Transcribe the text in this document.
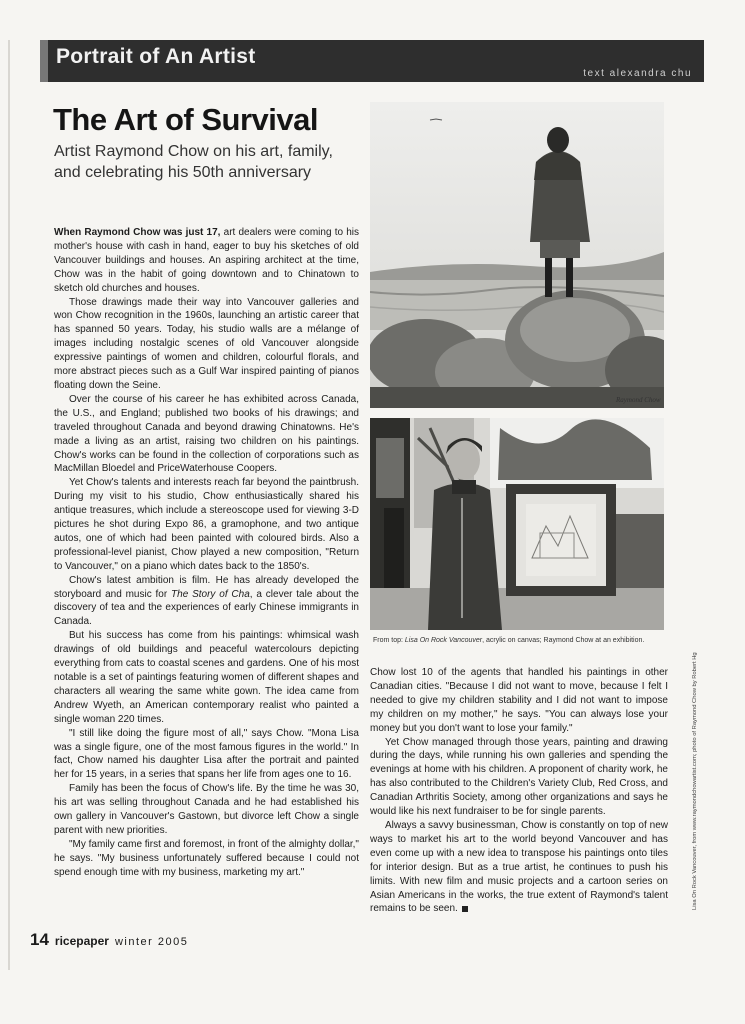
Portrait of An Artist
text alexandra chu
The Art of Survival
Artist Raymond Chow on his art, family, and celebrating his 50th anniversary

When Raymond Chow was just 17, art dealers were coming to his mother's house with cash in hand, eager to buy his sketches of old Vancouver buildings and houses. An aspiring architect at the time, Chow was in the habit of going downtown and to Chinatown to sketch old churches and houses.

Those drawings made their way into Vancouver galleries and won Chow recognition in the 1960s, launching an artistic career that has spanned 50 years. Today, his studio walls are a mélange of images including nostalgic scenes of old Vancouver alongside expressive paintings of women and children, colourful florals, and more abstract pieces such as a Gulf War inspired painting of pianos floating down the Seine.

Over the course of his career he has exhibited across Canada, the U.S., and England; published two books of his drawings; and traveled throughout Canada and beyond drawing Chinatowns. He's made a living as an artist, raising two children on his paintings. Chow's works can be found in the collection of corporations such as MacMillan Bloedel and PriceWaterhouse Coopers.

Yet Chow's talents and interests reach far beyond the paintbrush. During my visit to his studio, Chow enthusiastically shared his antique treasures, which include a stereoscope used for viewing 3-D pictures he shot during Expo 86, a gramophone, and two antique autos, one of which had been painted with coloured birds. Also a professional-level pianist, Chow played a new composition, "Return to Vancouver," on a piano which dates back to the 1850's.

Chow's latest ambition is film. He has already developed the storyboard and music for The Story of Cha, a clever tale about the discovery of tea and the experiences of early Chinese immigrants in Canada.

But his success has come from his paintings: whimsical wash drawings of old buildings and peaceful watercolours depicting everything from cats to coastal scenes and gardens. One of his most notable is a set of paintings featuring women of different shapes and characters all wearing the same white gown. The idea came from Andrew Wyeth, an American contemporary realist who painted a single woman 220 times.

"I still like doing the figure most of all," says Chow. "Mona Lisa was a single figure, one of the most famous figures in the world." In fact, Chow named his daughter Lisa after the portrait and painted her for 15 years, in a series that spans her life from ages one to 16.

Family has been the focus of Chow's life. By the time he was 30, his art was selling throughout Canada and he had established his own gallery in Vancouver's Gastown, but divorce left Chow a single parent with new priorities.

"My family came first and foremost, in front of the almighty dollar," he says. "My business unfortunately suffered because I could not spend enough time with my business, marketing my art."

Raymond Chow
From top: Lisa On Rock Vancouver, acrylic on canvas; Raymond Chow at an exhibition.

Chow lost 10 of the agents that handled his paintings in other Canadian cities. "Because I did not want to move, because I felt I needed to give my children stability and I did not want to impose my children on my mother," he says. "You can always lose your money but you don't want to lose your family."

Yet Chow managed through those years, painting and drawing during the days, while running his own galleries and spending the evenings at home with his children. A proponent of charity work, he has also contributed to the Children's Variety Club, Red Cross, and Canadian Arthritis Society, among other organizations and says he would like his next fundraiser to be for single parents.

Always a savvy businessman, Chow is constantly on top of new ways to market his art to the world beyond Vancouver and has even come up with a new idea to transpose his paintings onto tiles for interior design. But as a true artist, he continues to push his limits. With new film and music projects and a cartoon series on Asian Americans in the works, the true extent of Raymond's talent remains to be seen.	Lisa On Rock Vancouver, from www.raymondchowartist.com; photo of Raymond Chow by Robert Hg
14 ricepaper winter 2005
